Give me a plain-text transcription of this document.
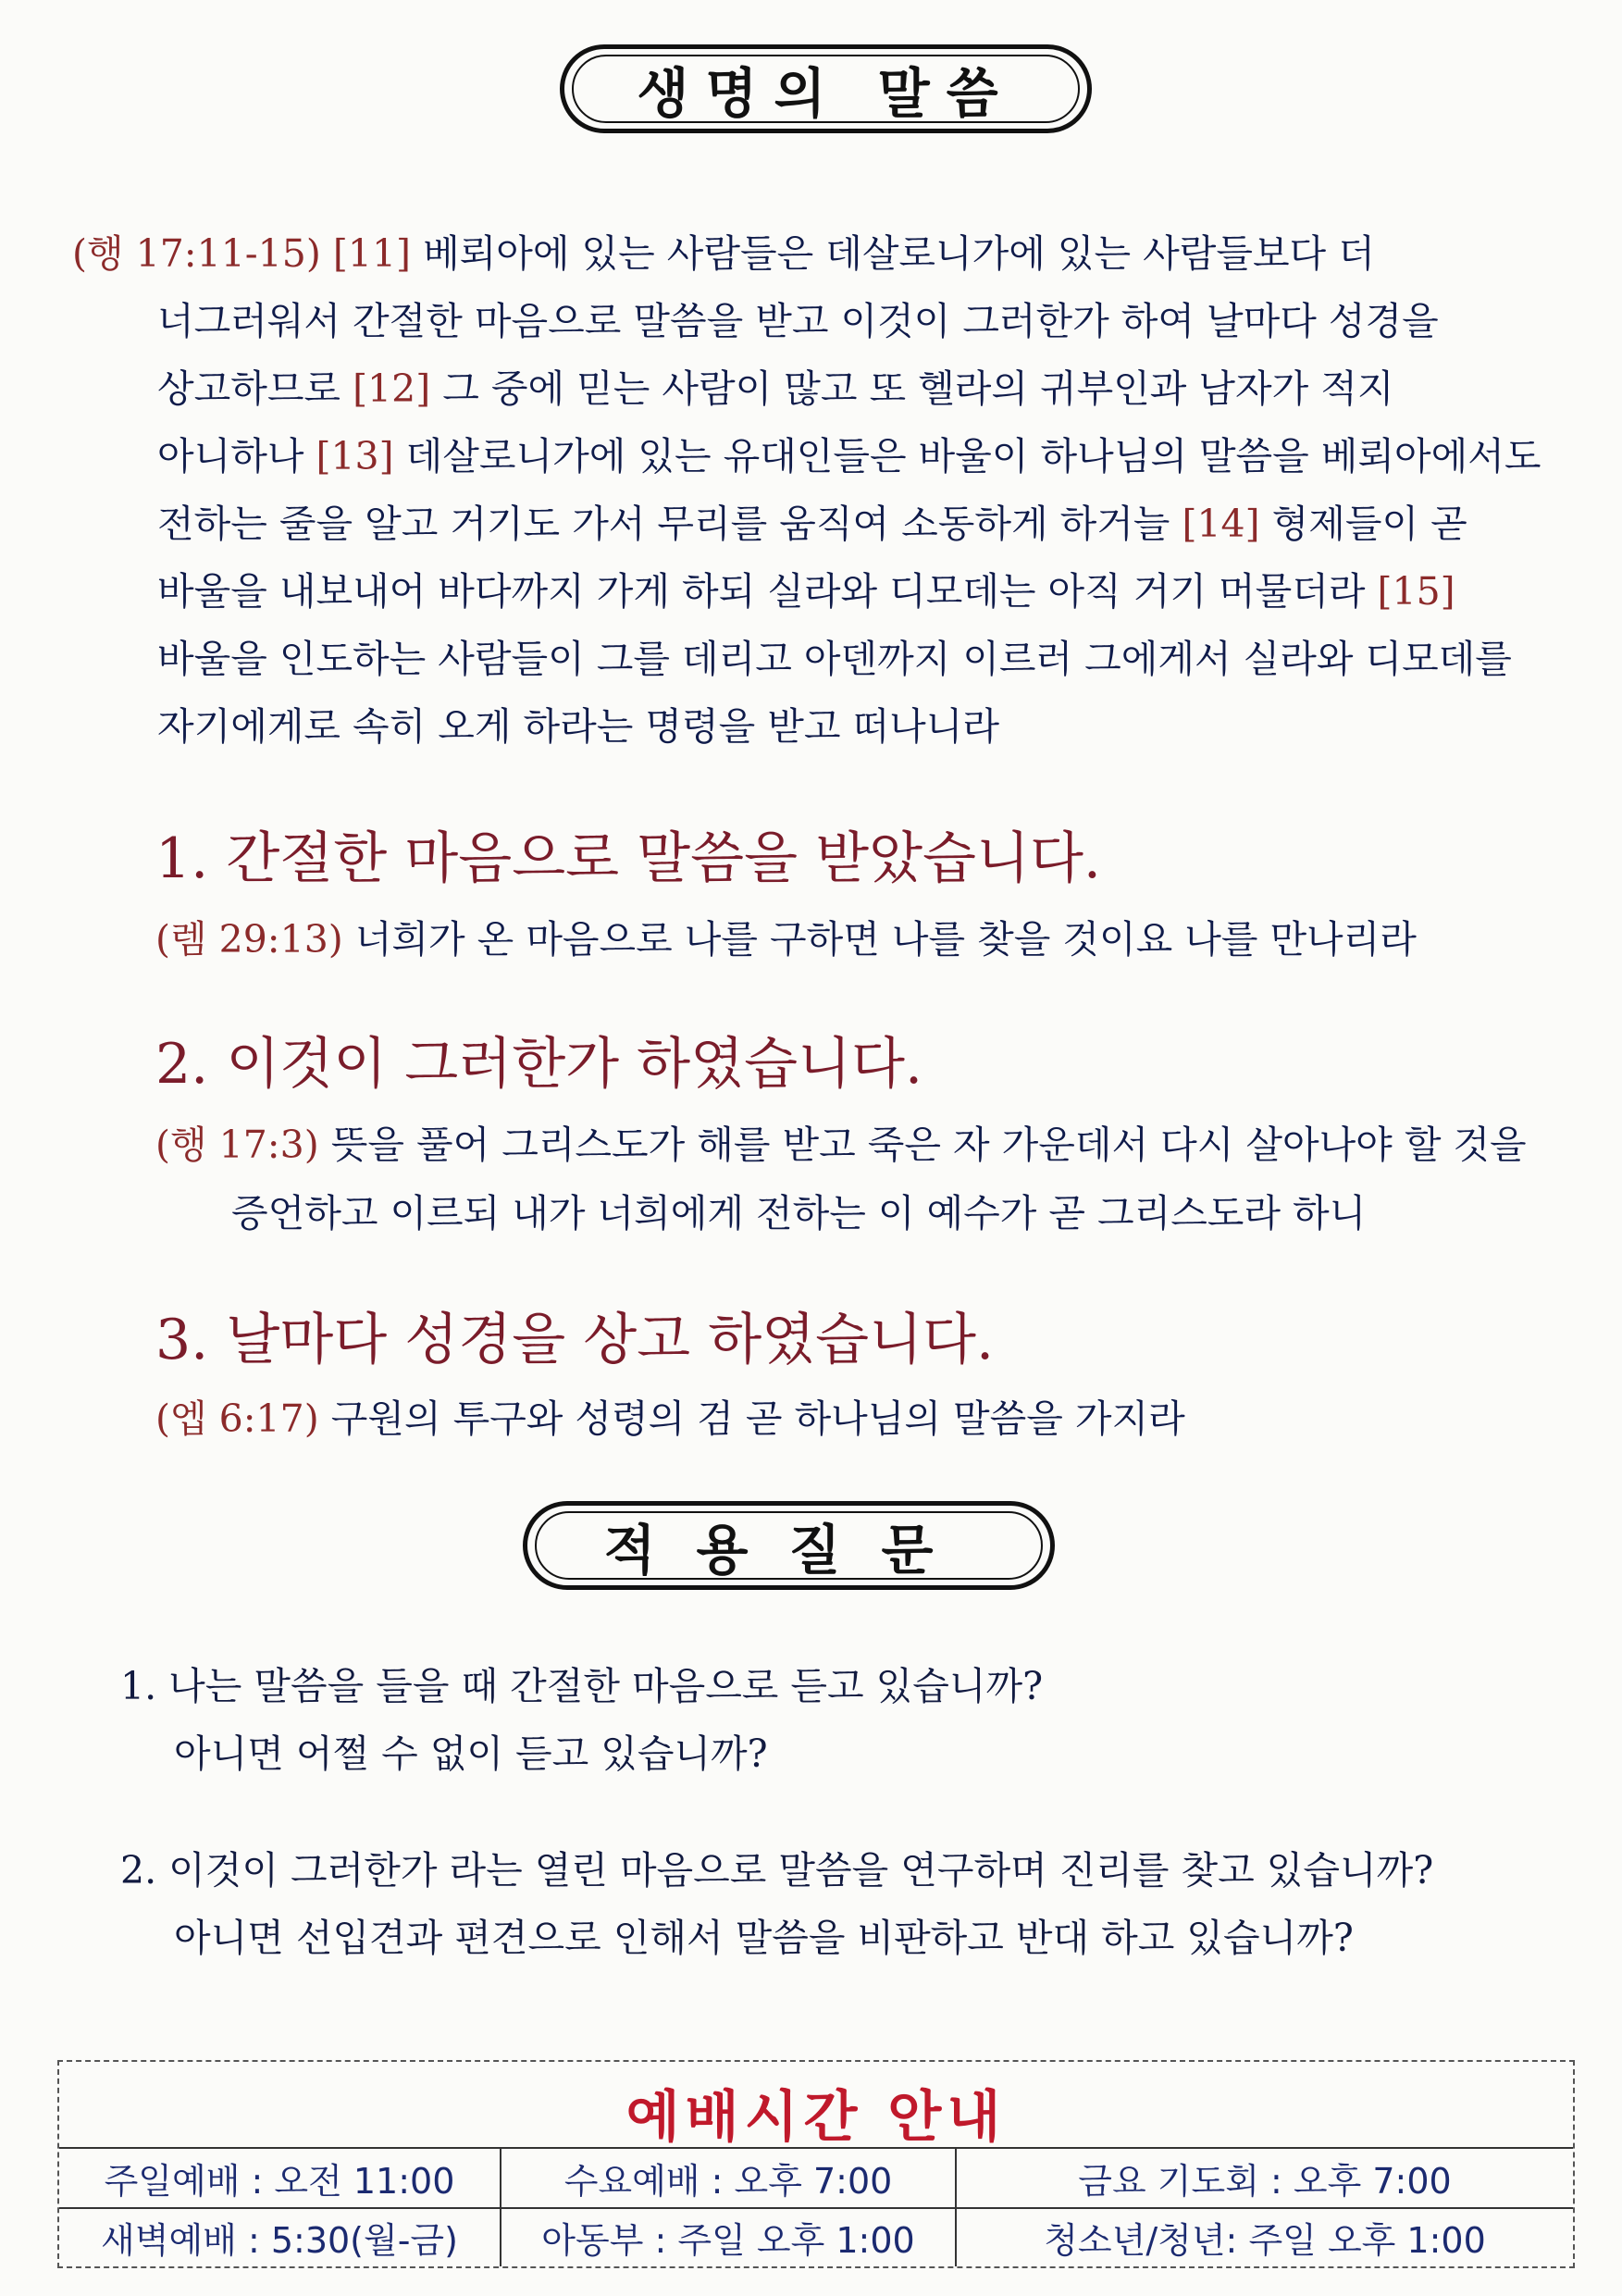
생명의 말씀
(행 17:11-15) [11] 베뢰아에 있는 사람들은 데살로니가에 있는 사람들보다 더
너그러워서 간절한 마음으로 말씀을 받고 이것이 그러한가 하여 날마다 성경을
상고하므로 [12] 그 중에 믿는 사람이 많고 또 헬라의 귀부인과 남자가 적지
아니하나 [13] 데살로니가에 있는 유대인들은 바울이 하나님의 말씀을 베뢰아에서도
전하는 줄을 알고 거기도 가서 무리를 움직여 소동하게 하거늘 [14] 형제들이 곧
바울을 내보내어 바다까지 가게 하되 실라와 디모데는 아직 거기 머물더라 [15]
바울을 인도하는 사람들이 그를 데리고 아덴까지 이르러 그에게서 실라와 디모데를
자기에게로 속히 오게 하라는 명령을 받고 떠나니라
1. 간절한 마음으로 말씀을 받았습니다.
(렘 29:13) 너희가 온 마음으로 나를 구하면 나를 찾을 것이요 나를 만나리라
2. 이것이 그러한가 하였습니다.
(행 17:3) 뜻을 풀어 그리스도가 해를 받고 죽은 자 가운데서 다시 살아나야 할 것을
증언하고 이르되 내가 너희에게 전하는 이 예수가 곧 그리스도라 하니
3. 날마다 성경을 상고 하였습니다.
(엡 6:17) 구원의 투구와 성령의 검 곧 하나님의 말씀을 가지라
적용질문
1. 나는 말씀을 들을 때 간절한 마음으로 듣고 있습니까?
아니면 어쩔 수 없이 듣고 있습니까?
2. 이것이 그러한가 라는 열린 마음으로 말씀을 연구하며 진리를 찾고 있습니까?
아니면 선입견과 편견으로 인해서 말씀을 비판하고 반대 하고 있습니까?
예배시간 안내
주일예배 : 오전 11:00	수요예배 : 오후 7:00	금요 기도회 : 오후 7:00
새벽예배 : 5:30(월-금)	아동부 : 주일 오후 1:00	청소년/청년: 주일 오후 1:00
